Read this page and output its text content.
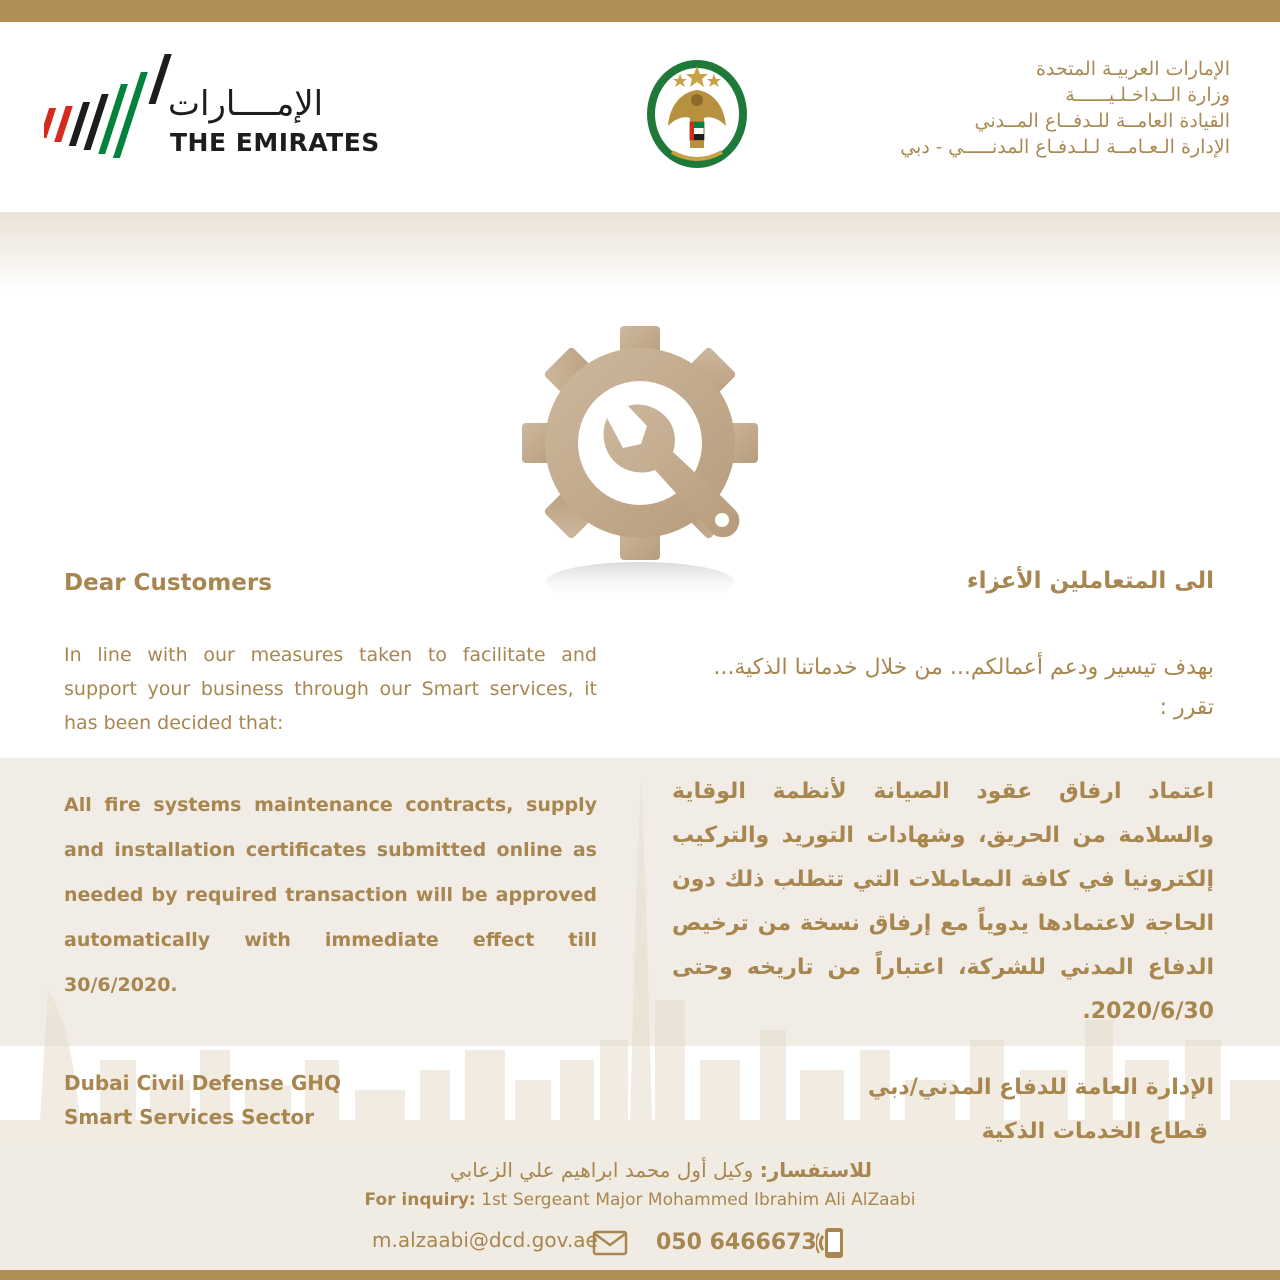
الإمــــارات
THE EMIRATES
الإمارات العربيـة المتحدة
وزارة الــداخـلـيــــــة
القيادة العامــة للـدفــاع المــدني
الإدارة الـعـامــة لـلـدفـاع المدنـــــي - دبي
Dear Customers	الى المتعاملين الأعزاء
In line with our measures taken to facilitate and support your business through our Smart services, it has been decided that:
بهدف تيسير ودعم أعمالكم... من خلال خدماتنا الذكية... تقرر :
All fire systems maintenance contracts, supply and installation certificates submitted online as needed by required transaction will be approved automatically with immediate effect till 30/6/2020.
اعتماد ارفاق عقود الصيانة لأنظمة الوقاية والسلامة من الحريق، وشهادات التوريد والتركيب إلكترونيا في كافة المعاملات التي تتطلب ذلك دون الحاجة لاعتمادها يدوياً مع إرفاق نسخة من ترخيص الدفاع المدني للشركة، اعتباراً من تاريخه وحتى 2020/6/30.
Dubai Civil Defense GHQ
Smart Services Sector
الإدارة العامة للدفاع المدني/دبي
قطاع الخدمات الذكية
للاستفسار: وكيل أول محمد ابراهيم علي الزعابي
For inquiry: 1st Sergeant Major Mohammed Ibrahim Ali AlZaabi
m.alzaabi@dcd.gov.ae	050 6466673
